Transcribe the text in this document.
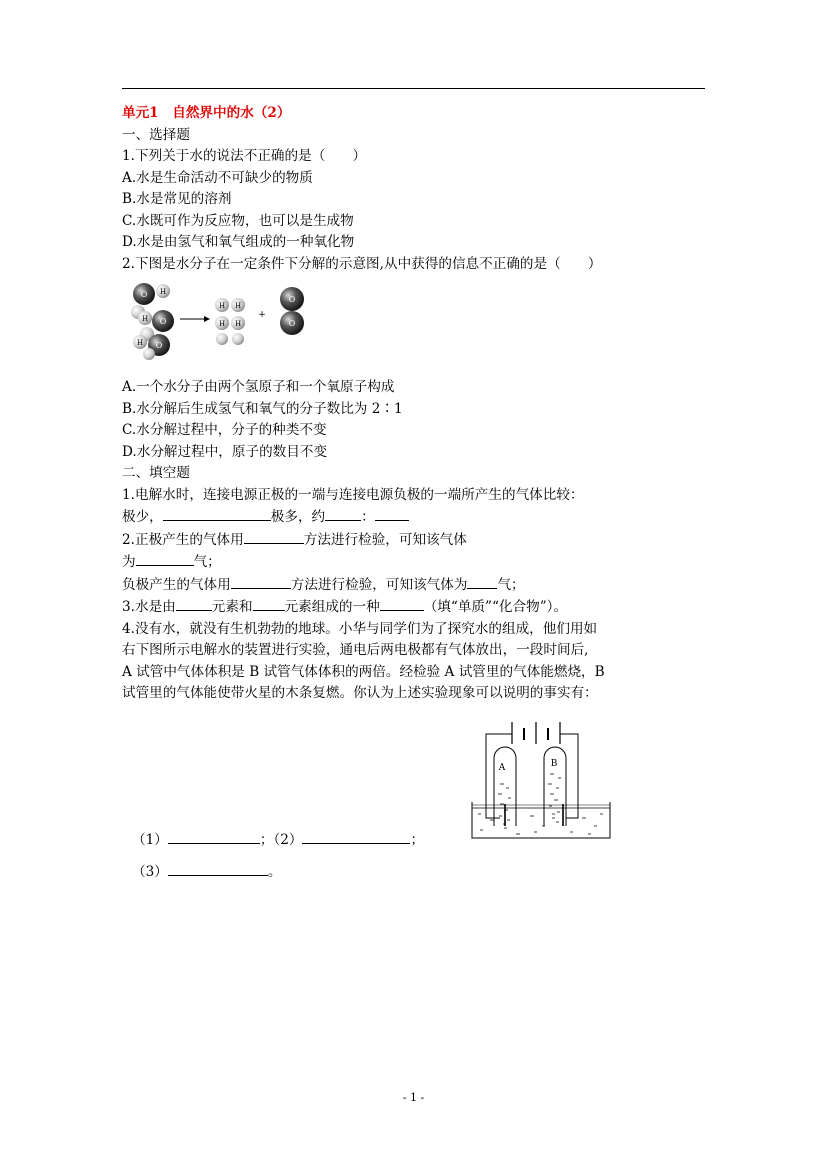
单元1　自然界中的水（2）

一、选择题

1.下列关于水的说法不正确的是（　　）

A.水是生命活动不可缺少的物质

B.水是常见的溶剂

C.水既可作为反应物，也可以是生成物

D.水是由氢气和氧气组成的一种氧化物

2.下图是水分子在一定条件下分解的示意图,从中获得的信息不正确的是（　　）

O H
O
H
O
H
H H
H H
+
O
O

A.一个水分子由两个氢原子和一个氧原子构成

B.水分解后生成氢气和氧气的分子数比为 2∶1

C.水分解过程中，分子的种类不变

D.水分解过程中，原子的数目不变

二、填空题

1.电解水时，连接电源正极的一端与连接电源负极的一端所产生的气体比较：

极少，	极多，约	：

2.正极产生的气体用	方法进行检验，可知该气体

为	气；

负极产生的气体用	方法进行检验，可知该气体为 气；

3.水是由	元素和 元素组成的一种	（填“单质”“化合物”）。

4.没有水，就没有生机勃勃的地球。小华与同学们为了探究水的组成，他们用如

右下图所示电解水的装置进行实验，通电后两电极都有气体放出，一段时间后,

A 试管中气体体积是 B 试管气体体积的两倍。经检验 A 试管里的气体能燃烧，B

试管里的气体能使带火星的木条复燃。你认为上述实验现象可以说明的事实有：

A	B
（1）	；（2）	；
（3）	。
- 1 -
